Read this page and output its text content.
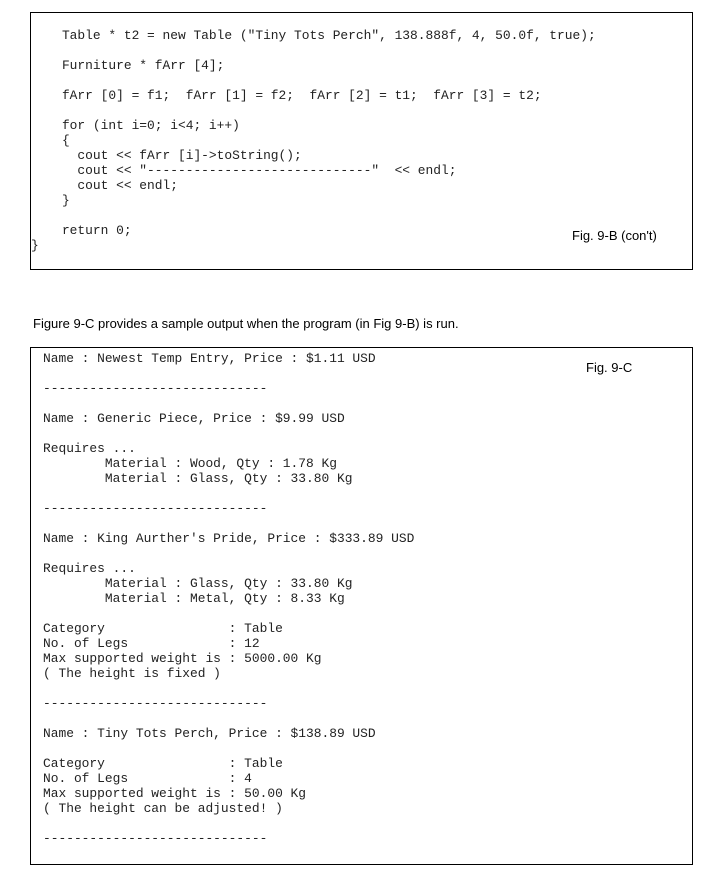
Table * t2 = new Table ("Tiny Tots Perch", 138.888f, 4, 50.0f, true);
Furniture * fArr [4];
fArr [0] = f1;  fArr [1] = f2;  fArr [2] = t1;  fArr [3] = t2;
for (int i=0; i<4; i++)
{
cout << fArr [i]->toString();
cout << "-----------------------------"  << endl;
cout << endl;
}
return 0;
}
Fig. 9-B (con't)
Figure 9-C provides a sample output when the program (in Fig 9-B) is run.
Name : Newest Temp Entry, Price : $1.11 USD
-----------------------------
Name : Generic Piece, Price : $9.99 USD
Requires ...
Material : Wood, Qty : 1.78 Kg
Material : Glass, Qty : 33.80 Kg
-----------------------------
Name : King Aurther's Pride, Price : $333.89 USD
Requires ...
Material : Glass, Qty : 33.80 Kg
Material : Metal, Qty : 8.33 Kg
Category                : Table
No. of Legs             : 12
Max supported weight is : 5000.00 Kg
( The height is fixed )
-----------------------------
Name : Tiny Tots Perch, Price : $138.89 USD
Category                : Table
No. of Legs             : 4
Max supported weight is : 50.00 Kg
( The height can be adjusted! )
-----------------------------
Fig. 9-C
